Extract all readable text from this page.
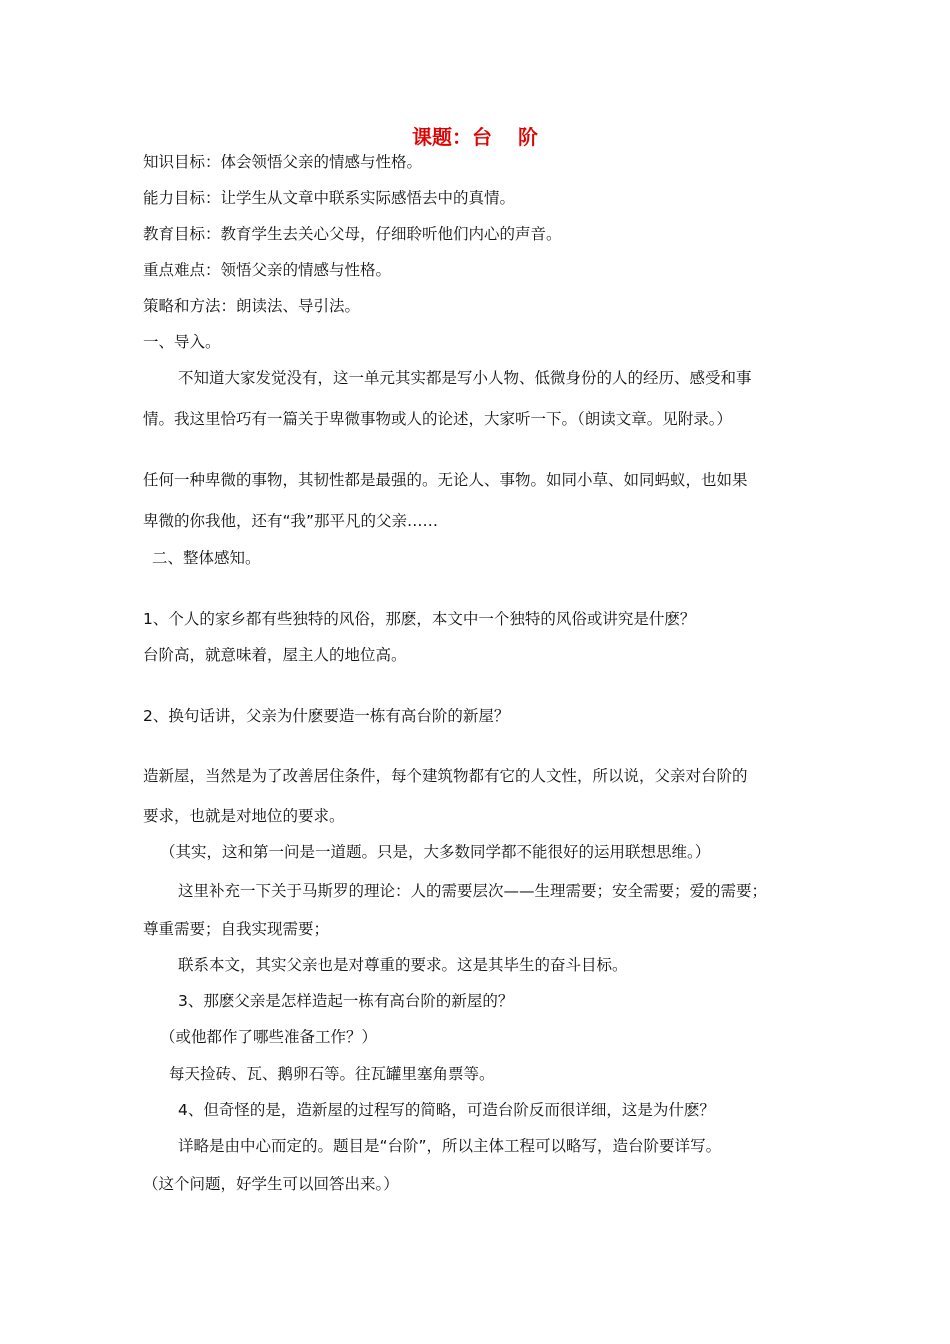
课题：台 阶
知识目标：体会领悟父亲的情感与性格。
能力目标：让学生从文章中联系实际感悟去中的真情。
教育目标：教育学生去关心父母，仔细聆听他们内心的声音。
重点难点：领悟父亲的情感与性格。
策略和方法：朗读法、导引法。
一、导入。
不知道大家发觉没有，这一单元其实都是写小人物、低微身份的人的经历、感受和事
情。我这里恰巧有一篇关于卑微事物或人的论述，大家听一下。（朗读文章。见附录。）
任何一种卑微的事物，其韧性都是最强的。无论人、事物。如同小草、如同蚂蚁，也如果
卑微的你我他，还有“我”那平凡的父亲……
二、整体感知。
1、个人的家乡都有些独特的风俗，那麽，本文中一个独特的风俗或讲究是什麽？
台阶高，就意味着，屋主人的地位高。
2、换句话讲，父亲为什麽要造一栋有高台阶的新屋？
造新屋，当然是为了改善居住条件，每个建筑物都有它的人文性，所以说，父亲对台阶的
要求，也就是对地位的要求。
（其实，这和第一问是一道题。只是，大多数同学都不能很好的运用联想思维。）
这里补充一下关于马斯罗的理论：人的需要层次——生理需要；安全需要；爱的需要；
尊重需要；自我实现需要；
联系本文，其实父亲也是对尊重的要求。这是其毕生的奋斗目标。
3、那麽父亲是怎样造起一栋有高台阶的新屋的？
（或他都作了哪些准备工作？）
每天捡砖、瓦、鹅卵石等。往瓦罐里塞角票等。
4、但奇怪的是，造新屋的过程写的简略，可造台阶反而很详细，这是为什麽？
详略是由中心而定的。题目是“台阶”，所以主体工程可以略写，造台阶要详写。
（这个问题，好学生可以回答出来。）
